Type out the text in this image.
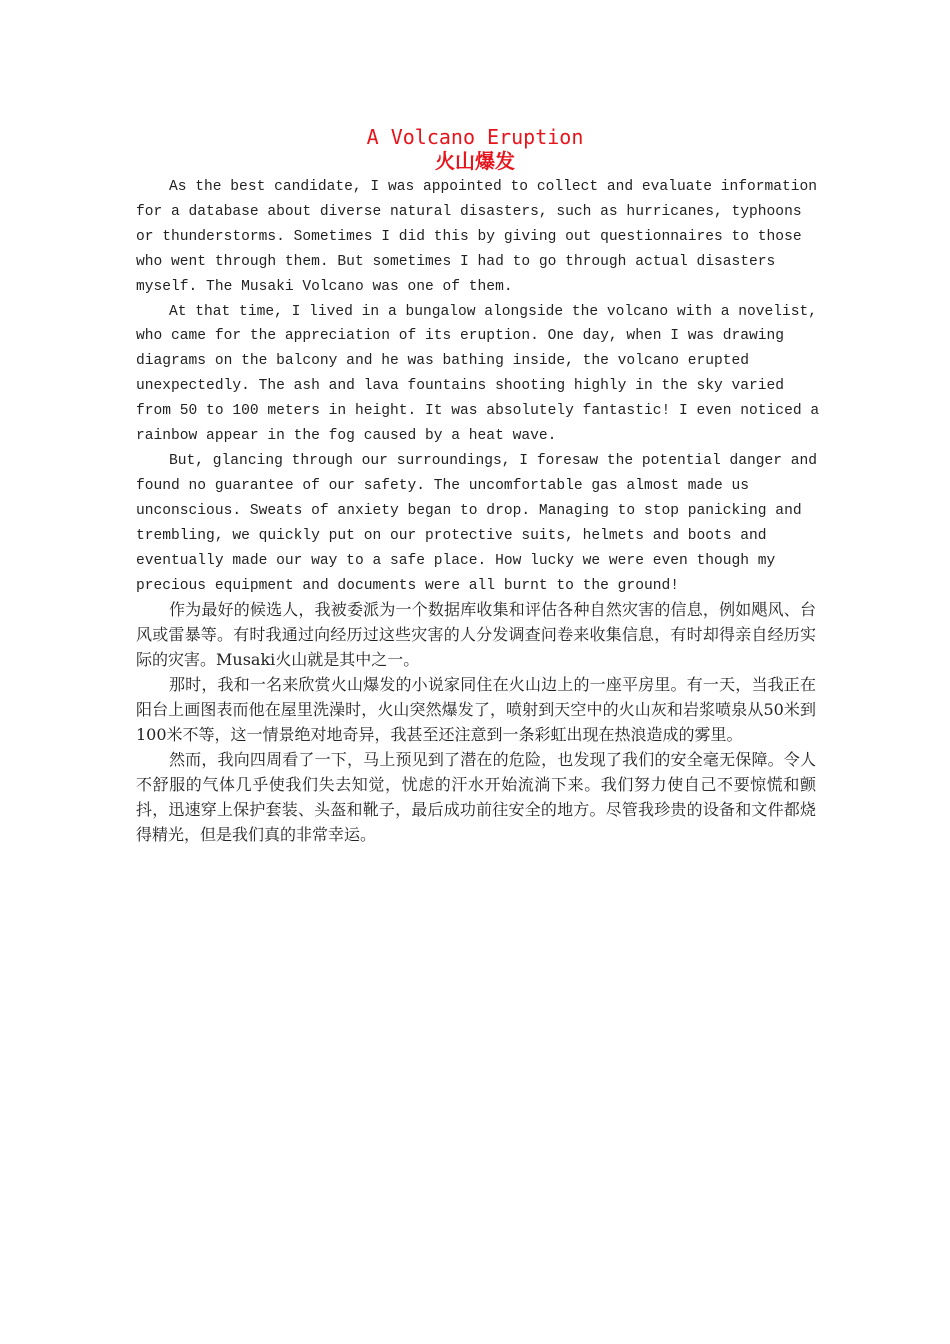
A Volcano Eruption
火山爆发

As the best candidate, I was appointed to collect and evaluate information for a database about diverse natural disasters, such as hurricanes, typhoons or thunderstorms. Sometimes I did this by giving out questionnaires to those who went through them. But sometimes I had to go through actual disasters myself. The Musaki Volcano was one of them.

At that time, I lived in a bungalow alongside the volcano with a novelist, who came for the appreciation of its eruption. One day, when I was drawing diagrams on the balcony and he was bathing inside, the volcano erupted unexpectedly. The ash and lava fountains shooting highly in the sky varied from 50 to 100 meters in height. It was absolutely fantastic! I even noticed a rainbow appear in the fog caused by a heat wave.

But, glancing through our surroundings, I foresaw the potential danger and found no guarantee of our safety. The uncomfortable gas almost made us unconscious. Sweats of anxiety began to drop. Managing to stop panicking and trembling, we quickly put on our protective suits, helmets and boots and eventually made our way to a safe place. How lucky we were even though my precious equipment and documents were all burnt to the ground!

作为最好的候选人，我被委派为一个数据库收集和评估各种自然灾害的信息，例如飓风、台风或雷暴等。有时我通过向经历过这些灾害的人分发调查问卷来收集信息，有时却得亲自经历实际的灾害。Musaki火山就是其中之一。

那时，我和一名来欣赏火山爆发的小说家同住在火山边上的一座平房里。有一天，当我正在阳台上画图表而他在屋里洗澡时，火山突然爆发了，喷射到天空中的火山灰和岩浆喷泉从50米到100米不等，这一情景绝对地奇异，我甚至还注意到一条彩虹出现在热浪造成的雾里。

然而，我向四周看了一下，马上预见到了潜在的危险，也发现了我们的安全毫无保障。令人不舒服的气体几乎使我们失去知觉，忧虑的汗水开始流淌下来。我们努力使自己不要惊慌和颤抖，迅速穿上保护套装、头盔和靴子，最后成功前往安全的地方。尽管我珍贵的设备和文件都烧得精光，但是我们真的非常幸运。
